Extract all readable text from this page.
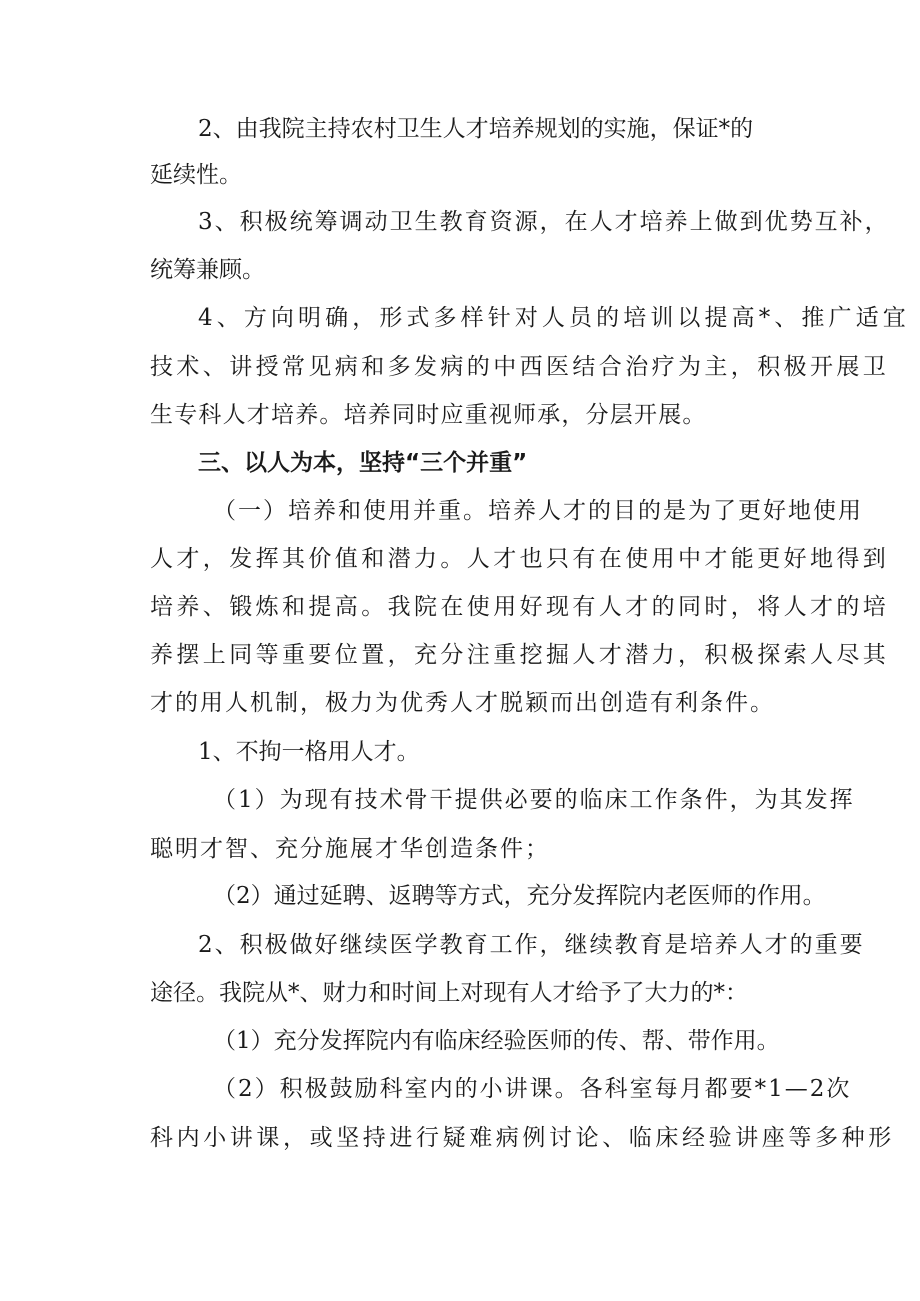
2、由我院主持农村卫生人才培养规划的实施，保证*的
延续性。
3、积极统筹调动卫生教育资源，在人才培养上做到优势互补，
统筹兼顾。
4、方向明确，形式多样针对人员的培训以提高*、推广适宜
技术、讲授常见病和多发病的中西医结合治疗为主，积极开展卫
生专科人才培养。培养同时应重视师承，分层开展。
三、以人为本，坚持“三个并重”
（一）培养和使用并重。培养人才的目的是为了更好地使用
人才，发挥其价值和潜力。人才也只有在使用中才能更好地得到
培养、锻炼和提高。我院在使用好现有人才的同时，将人才的培
养摆上同等重要位置，充分注重挖掘人才潜力，积极探索人尽其
才的用人机制，极力为优秀人才脱颖而出创造有利条件。
1、不拘一格用人才。
（1）为现有技术骨干提供必要的临床工作条件，为其发挥
聪明才智、充分施展才华创造条件；
（2）通过延聘、返聘等方式，充分发挥院内老医师的作用。
2、积极做好继续医学教育工作，继续教育是培养人才的重要
途径。我院从*、财力和时间上对现有人才给予了大力的*：
（1）充分发挥院内有临床经验医师的传、帮、带作用。
（2）积极鼓励科室内的小讲课。各科室每月都要*1—2次
科内小讲课，或坚持进行疑难病例讨论、临床经验讲座等多种形
